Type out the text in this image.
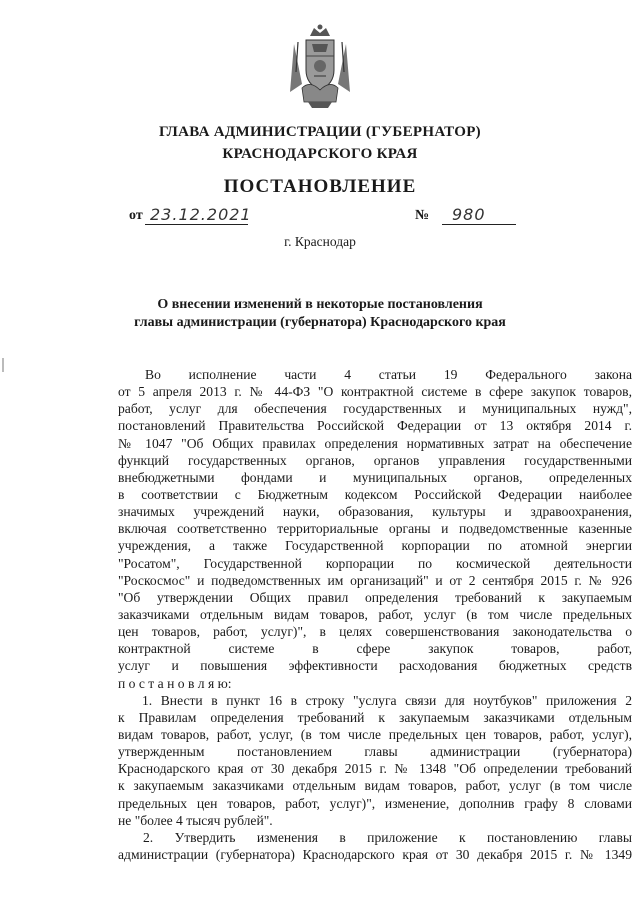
ГЛАВА АДМИНИСТРАЦИИ (ГУБЕРНАТОР)
КРАСНОДАРСКОГО КРАЯ
ПОСТАНОВЛЕНИЕ
от 23.12.2021	№ 980
г. Краснодар
О внесении изменений в некоторые постановления
главы администрации (губернатора) Краснодарского края
Во исполнение части 4 статьи 19 Федерального закона
от 5 апреля 2013 г. № 44-ФЗ "О контрактной системе в сфере закупок товаров,
работ, услуг для обеспечения государственных и муниципальных нужд",
постановлений Правительства Российской Федерации от 13 октября 2014 г.
№ 1047 "Об Общих правилах определения нормативных затрат на обеспечение
функций государственных органов, органов управления государственными
внебюджетными фондами и муниципальных органов, определенных
в соответствии с Бюджетным кодексом Российской Федерации наиболее
значимых учреждений науки, образования, культуры и здравоохранения,
включая соответственно территориальные органы и подведомственные казенные
учреждения, а также Государственной корпорации по атомной энергии
"Росатом", Государственной корпорации по космической деятельности
"Роскосмос" и подведомственных им организаций" и от 2 сентября 2015 г. № 926
"Об утверждении Общих правил определения требований к закупаемым
заказчиками отдельным видам товаров, работ, услуг (в том числе предельных
цен товаров, работ, услуг)", в целях совершенствования законодательства о
контрактной системе в сфере закупок товаров, работ,
услуг и повышения эффективности расходования бюджетных средств
п о с т а н о в л я ю:
1. Внести в пункт 16 в строку "услуга связи для ноутбуков" приложения 2
к Правилам определения требований к закупаемым заказчиками отдельным
видам товаров, работ, услуг, (в том числе предельных цен товаров, работ, услуг),
утвержденным постановлением главы администрации (губернатора)
Краснодарского края от 30 декабря 2015 г. № 1348 "Об определении требований
к закупаемым заказчиками отдельным видам товаров, работ, услуг (в том числе
предельных цен товаров, работ, услуг)", изменение, дополнив графу 8 словами
не "более 4 тысяч рублей".
2. Утвердить изменения в приложение к постановлению главы
администрации (губернатора) Краснодарского края от 30 декабря 2015 г. № 1349
